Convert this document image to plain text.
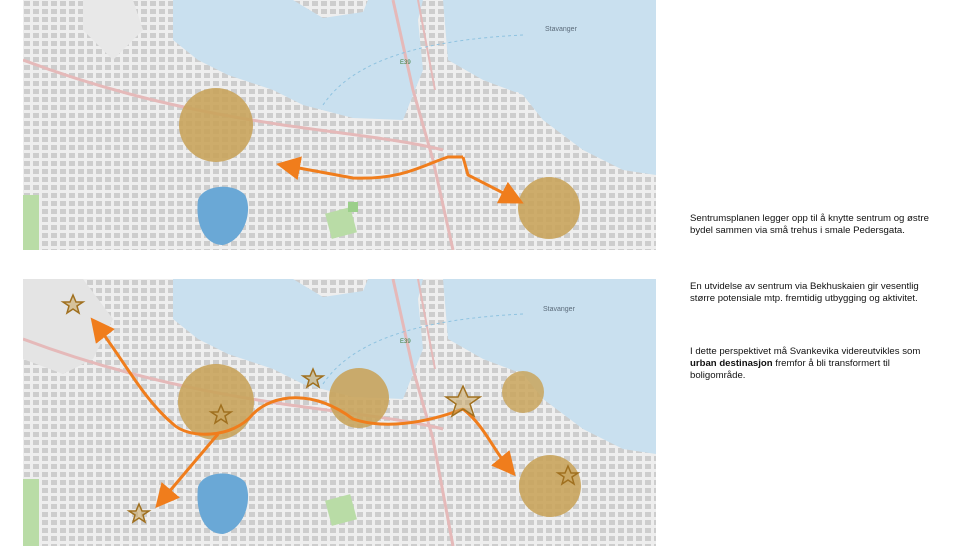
Stavanger
E39
Stavanger
E39

Sentrumsplanen legger opp til å knytte sentrum og østre bydel sammen via små trehus i smale Pedersgata.

En utvidelse av sentrum via Bekhuskaien gir vesentlig større potensiale mtp. fremtidig utbygging og aktivitet.

I dette perspektivet må Svankevika videreutvikles som urban destinasjon fremfor å bli transformert til boligområde.
